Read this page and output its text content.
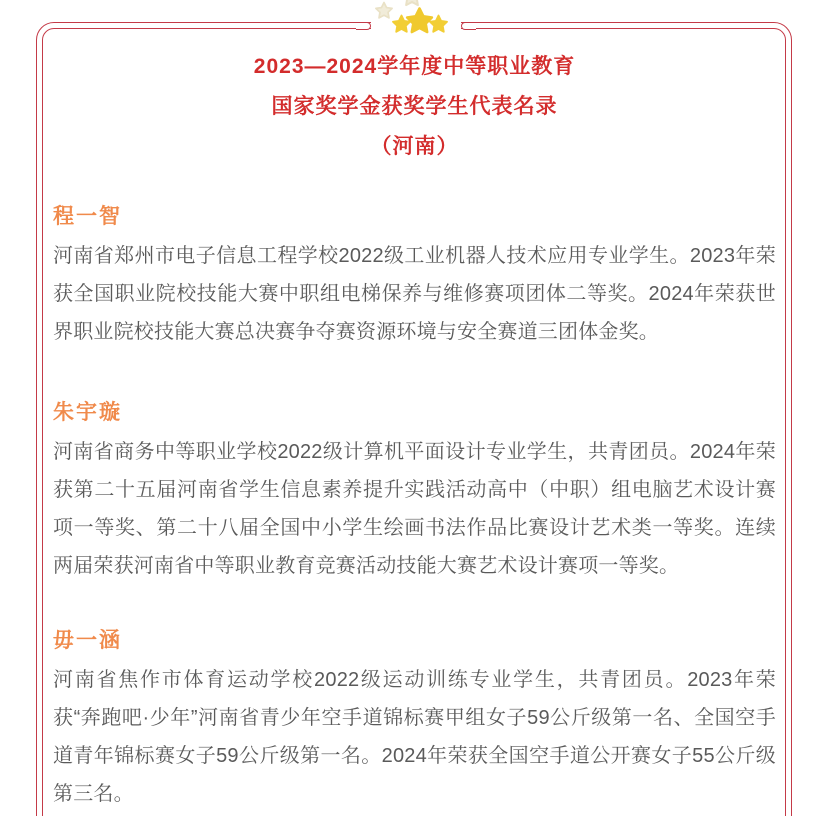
2023—2024学年度中等职业教育
国家奖学金获奖学生代表名录
（河南）
程一智

河南省郑州市电子信息工程学校2022级工业机器人技术应用专业学生。2023年荣获全国职业院校技能大赛中职组电梯保养与维修赛项团体二等奖。2024年荣获世界职业院校技能大赛总决赛争夺赛资源环境与安全赛道三团体金奖。

朱宇璇

河南省商务中等职业学校2022级计算机平面设计专业学生，共青团员。2024年荣获第二十五届河南省学生信息素养提升实践活动高中（中职）组电脑艺术设计赛项一等奖、第二十八届全国中小学生绘画书法作品比赛设计艺术类一等奖。连续两届荣获河南省中等职业教育竞赛活动技能大赛艺术设计赛项一等奖。

毋一涵

河南省焦作市体育运动学校2022级运动训练专业学生，共青团员。2023年荣获“奔跑吧·少年”河南省青少年空手道锦标赛甲组女子59公斤级第一名、全国空手道青年锦标赛女子59公斤级第一名。2024年荣获全国空手道公开赛女子55公斤级第三名。
